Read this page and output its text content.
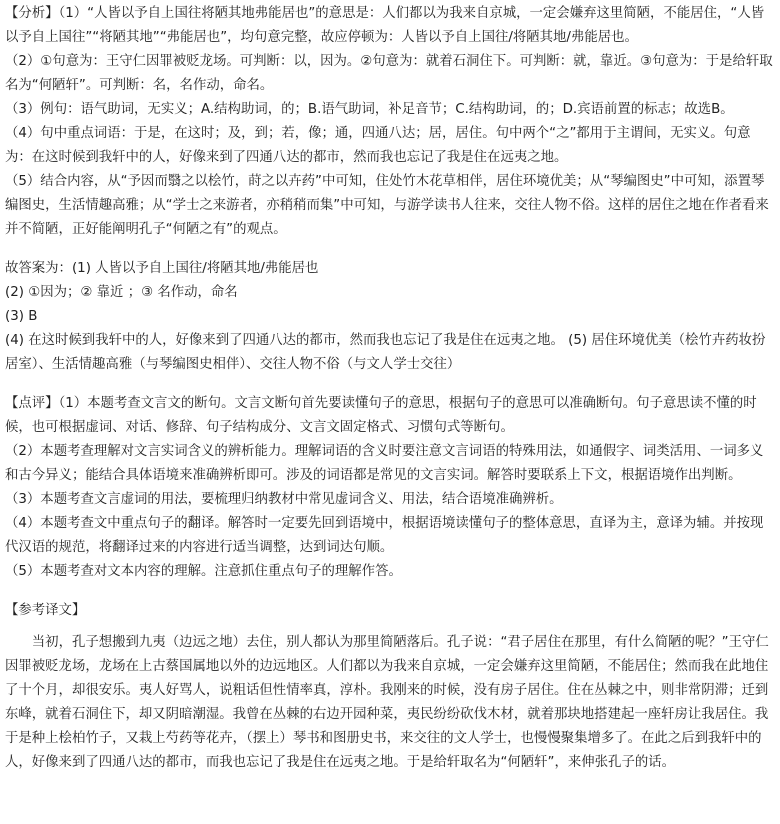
【分析】（1）“人皆以予自上国往将陋其地弗能居也”的意思是：人们都以为我来自京城，一定会嫌弃这里简陋，不能居住，“人皆以予自上国往”“将陋其地”“弗能居也”，均句意完整，故应停顿为：人皆以予自上国往/将陋其地/弗能居也。

（2）①句意为：王守仁因罪被贬龙场。可判断：以，因为。②句意为：就着石洞住下。可判断：就，靠近。③句意为：于是给轩取名为“何陋轩”。可判断：名，名作动，命名。

（3）例句：语气助词，无实义；A.结构助词，的；B.语气助词，补足音节；C.结构助词，的；D.宾语前置的标志；故选B。

（4）句中重点词语：于是，在这时；及，到；若，像；通，四通八达；居，居住。句中两个“之”都用于主谓间，无实义。句意为：在这时候到我轩中的人，好像来到了四通八达的都市，然而我也忘记了我是住在远夷之地。

（5）结合内容，从“予因而翳之以桧竹，莳之以卉药”中可知，住处竹木花草相伴，居住环境优美；从“琴编图史”中可知，添置琴编图史，生活情趣高雅；从“学士之来游者，亦稍稍而集”中可知，与游学读书人往来，交往人物不俗。这样的居住之地在作者看来并不简陋，正好能阐明孔子“何陋之有”的观点。

故答案为：(1) 人皆以予自上国往/将陋其地/弗能居也

(2) ①因为；② 靠近 ；③ 名作动，命名

(3) B

(4) 在这时候到我轩中的人，好像来到了四通八达的都市，然而我也忘记了我是住在远夷之地。 (5) 居住环境优美（桧竹卉药妆扮居室）、生活情趣高雅（与琴编图史相伴）、交往人物不俗（与文人学士交往）

【点评】（1）本题考查文言文的断句。文言文断句首先要读懂句子的意思，根据句子的意思可以准确断句。句子意思读不懂的时候，也可根据虚词、对话、修辞、句子结构成分、文言文固定格式、习惯句式等断句。

（2）本题考查理解对文言实词含义的辨析能力。理解词语的含义时要注意文言词语的特殊用法，如通假字、词类活用、一词多义和古今异义；能结合具体语境来准确辨析即可。涉及的词语都是常见的文言实词。解答时要联系上下文，根据语境作出判断。

（3）本题考查文言虚词的用法，要梳理归纳教材中常见虚词含义、用法，结合语境准确辨析。

（4）本题考查文中重点句子的翻译。解答时一定要先回到语境中，根据语境读懂句子的整体意思，直译为主，意译为辅。并按现代汉语的规范，将翻译过来的内容进行适当调整，达到词达句顺。

（5）本题考查对文本内容的理解。注意抓住重点句子的理解作答。

【参考译文】

当初，孔子想搬到九夷（边远之地）去住，别人都认为那里简陋落后。孔子说：“君子居住在那里，有什么简陋的呢？”王守仁因罪被贬龙场，龙场在上古蔡国属地以外的边远地区。人们都以为我来自京城，一定会嫌弃这里简陋，不能居住；然而我在此地住了十个月，却很安乐。夷人好骂人，说粗话但性情率真，淳朴。我刚来的时候，没有房子居住。住在丛棘之中，则非常阴滞；迁到东峰，就着石洞住下，却又阴暗潮湿。我曾在丛棘的右边开园种菜，夷民纷纷砍伐木材，就着那块地搭建起一座轩房让我居住。我于是种上桧柏竹子，又栽上芍药等花卉，（摆上）琴书和图册史书，来交往的文人学士，也慢慢聚集增多了。在此之后到我轩中的人，好像来到了四通八达的都市，而我也忘记了我是住在远夷之地。于是给轩取名为“何陋轩”，来伸张孔子的话。
